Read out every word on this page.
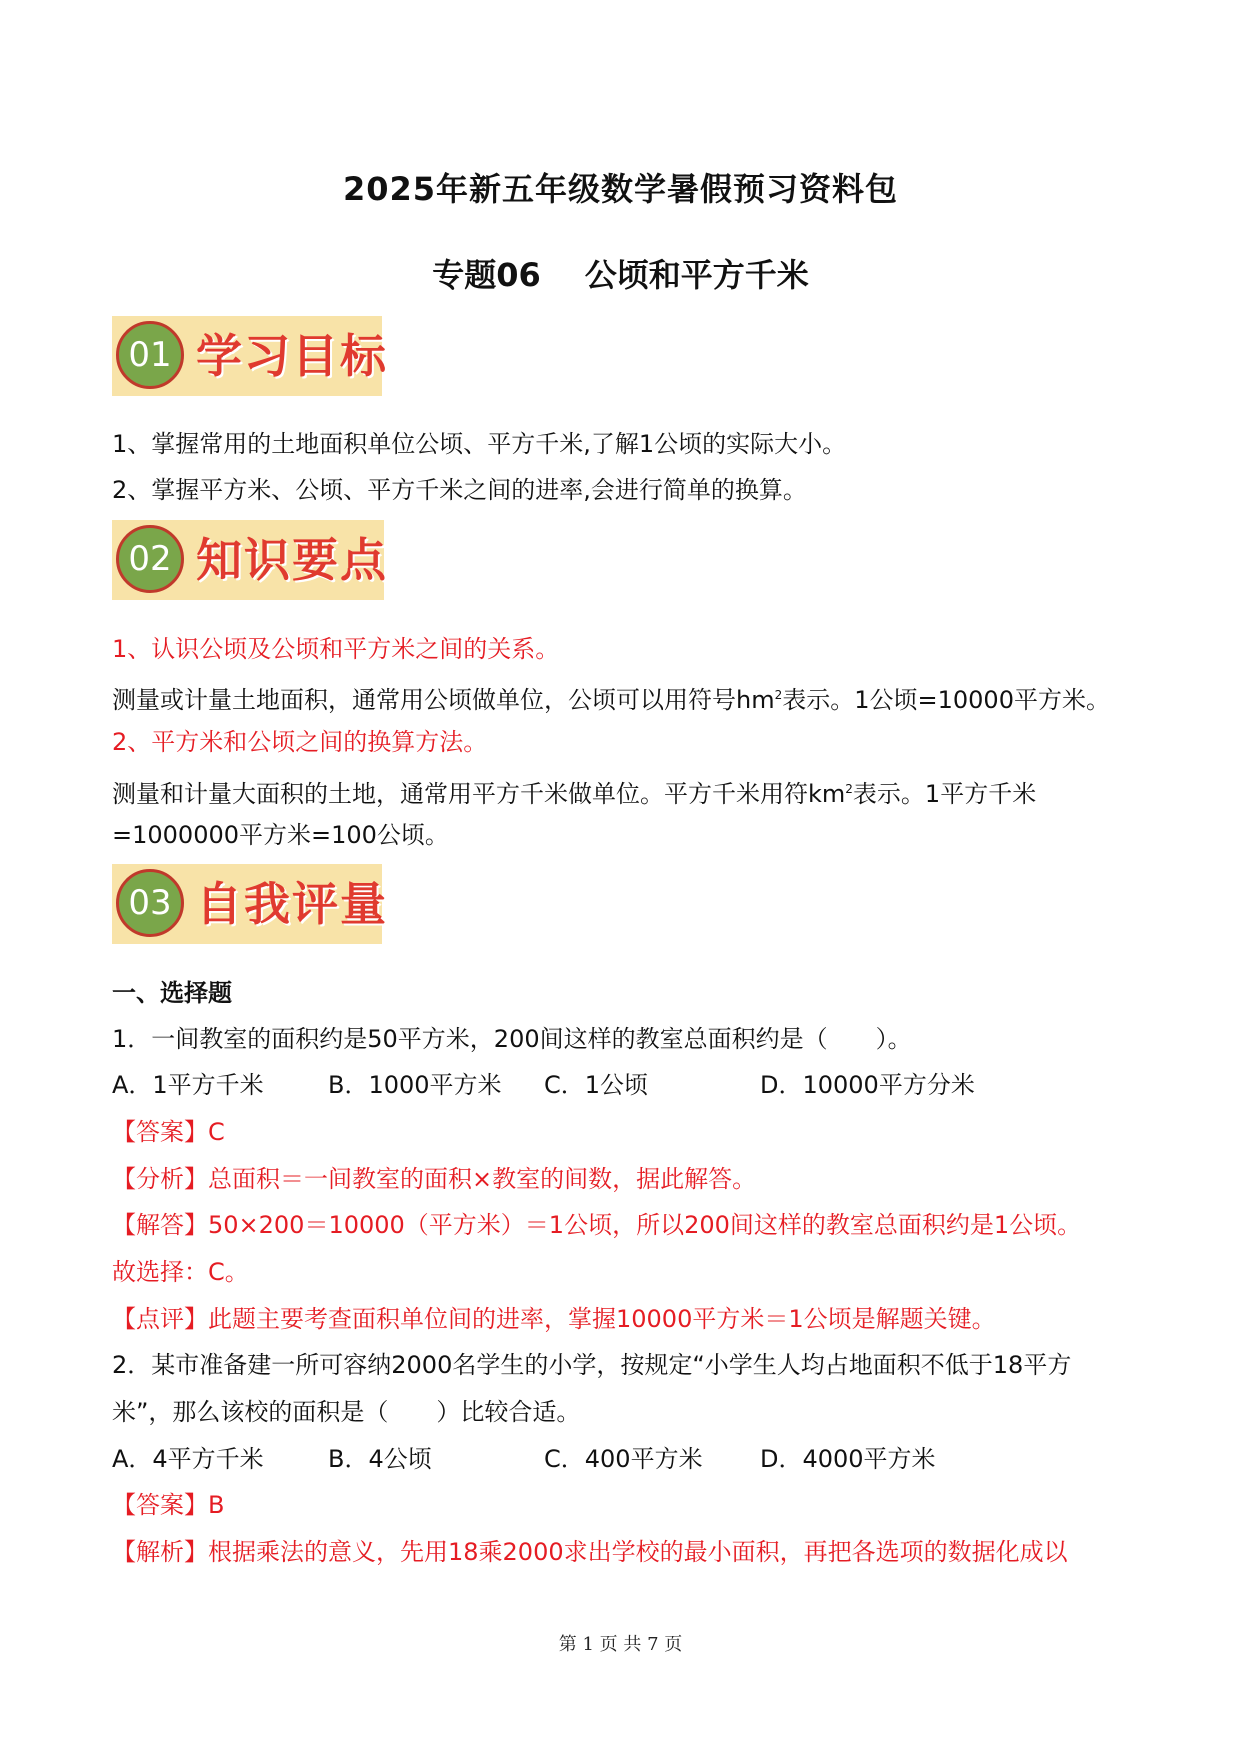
2025年新五年级数学暑假预习资料包
专题06 公顷和平方千米
01 学习目标
1、掌握常用的土地面积单位公顷、平方千米,了解1公顷的实际大小。
2、掌握平方米、公顷、平方千米之间的进率,会进行简单的换算。
02 知识要点
1、认识公顷及公顷和平方米之间的关系。
测量或计量土地面积，通常用公顷做单位，公顷可以用符号$hm^2$表示。1公顷=10000平方米。
2、平方米和公顷之间的换算方法。
测量和计量大面积的土地，通常用平方千米做单位。平方千米用符$km^2$表示。1平方千米
=1000000平方米=100公顷。
03 自我评量
一、选择题
1．一间教室的面积约是50平方米，200间这样的教室总面积约是（　　）。
A．1平方千米	B．1000平方米 C．1公顷	D．10000平方分米
【答案】C
【分析】总面积＝一间教室的面积×教室的间数，据此解答。
【解答】50×200＝10000（平方米）＝1公顷，所以200间这样的教室总面积约是1公顷。
故选择：C。
【点评】此题主要考查面积单位间的进率，掌握10000平方米＝1公顷是解题关键。
2．某市准备建一所可容纳2000名学生的小学，按规定“小学生人均占地面积不低于18平方
米”，那么该校的面积是（　　）比较合适。
A．4平方千米	B．4公顷	C．400平方米 D．4000平方米
【答案】B
【解析】根据乘法的意义，先用18乘2000求出学校的最小面积，再把各选项的数据化成以
第 1 页 共 7 页
